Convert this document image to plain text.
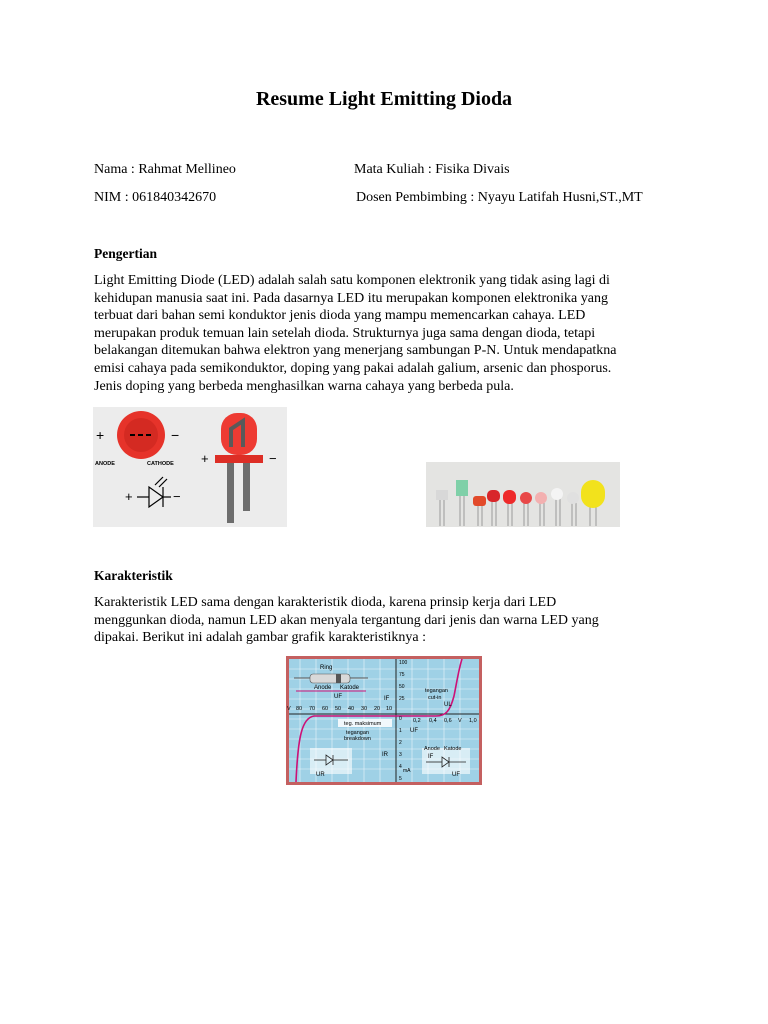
Resume Light Emitting Dioda
Nama : Rahmat Mellineo	Mata Kuliah : Fisika Divais
NIM : 061840342670	Dosen Pembimbing : Nyayu Latifah Husni,ST.,MT
Pengertian
Light Emitting Diode (LED) adalah salah satu komponen elektronik yang tidak asing lagi di
kehidupan manusia saat ini. Pada dasarnya LED itu merupakan komponen elektronika yang
terbuat dari bahan semi konduktor jenis dioda yang mampu memencarkan cahaya. LED
merupakan produk temuan lain setelah dioda. Strukturnya juga sama dengan dioda, tetapi
belakangan ditemukan bahwa elektron yang menerjang sambungan P-N. Untuk mendapatkna
emisi cahaya pada semikonduktor, doping yang pakai adalah galium, arsenic dan phosporus.
Jenis doping yang berbeda menghasilkan warna cahaya yang berbeda pula.
+	−
ANODE	CATHODE
+	−
+	−
Karakteristik
Karakteristik LED sama dengan karakteristik dioda, karena prinsip kerja dari LED
menggunkan dioda, namun LED akan menyala tergantung dari jenis dan warna LED yang
dipakai. Berikut ini adalah gambar grafik karakteristiknya :
Ring
Anode Katode
UF	IF
tegangan
cut-in
UL
100
75
50
25
0
1
2
3
4
5
mA
V 80 70 60 50 40 30 20 10
0,2 0,4 0,6 V 1,0
teg. maksimum
tegangan
breakdown
UF
IR
UR
Anode Katode
IF
UF
